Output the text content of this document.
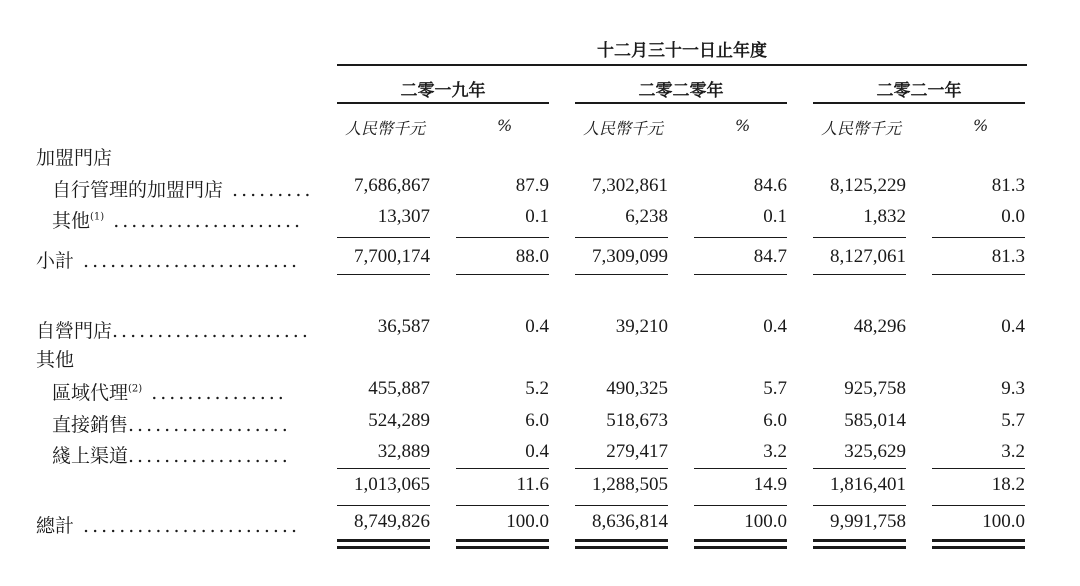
十二月三十一日止年度
二零一九年	二零二零年	二零二一年
人民幣千元	%	人民幣千元	%	人民幣千元	%
加盟門店
自行管理的加盟門店 ......... 7,686,867	87.9 7,302,861	84.6 8,125,229	81.3
其他$^{(1)}$ .....................	13,307	0.1	6,238	0.1	1,832	0.0
小計 ........................	7,700,174	88.0 7,309,099	84.7 8,127,061	81.3
自營門店......................	36,587	0.4	39,210	0.4	48,296	0.4
其他
區域代理$^{(2)}$ ...............	455,887	5.2	490,325	5.7	925,758	9.3
直接銷售..................	524,289	6.0	518,673	6.0	585,014	5.7
綫上渠道..................	32,889	0.4	279,417	3.2	325,629	3.2
1,013,065	11.6 1,288,505	14.9 1,816,401	18.2
總計 ........................	8,749,826	100.0 8,636,814	100.0 9,991,758	100.0
